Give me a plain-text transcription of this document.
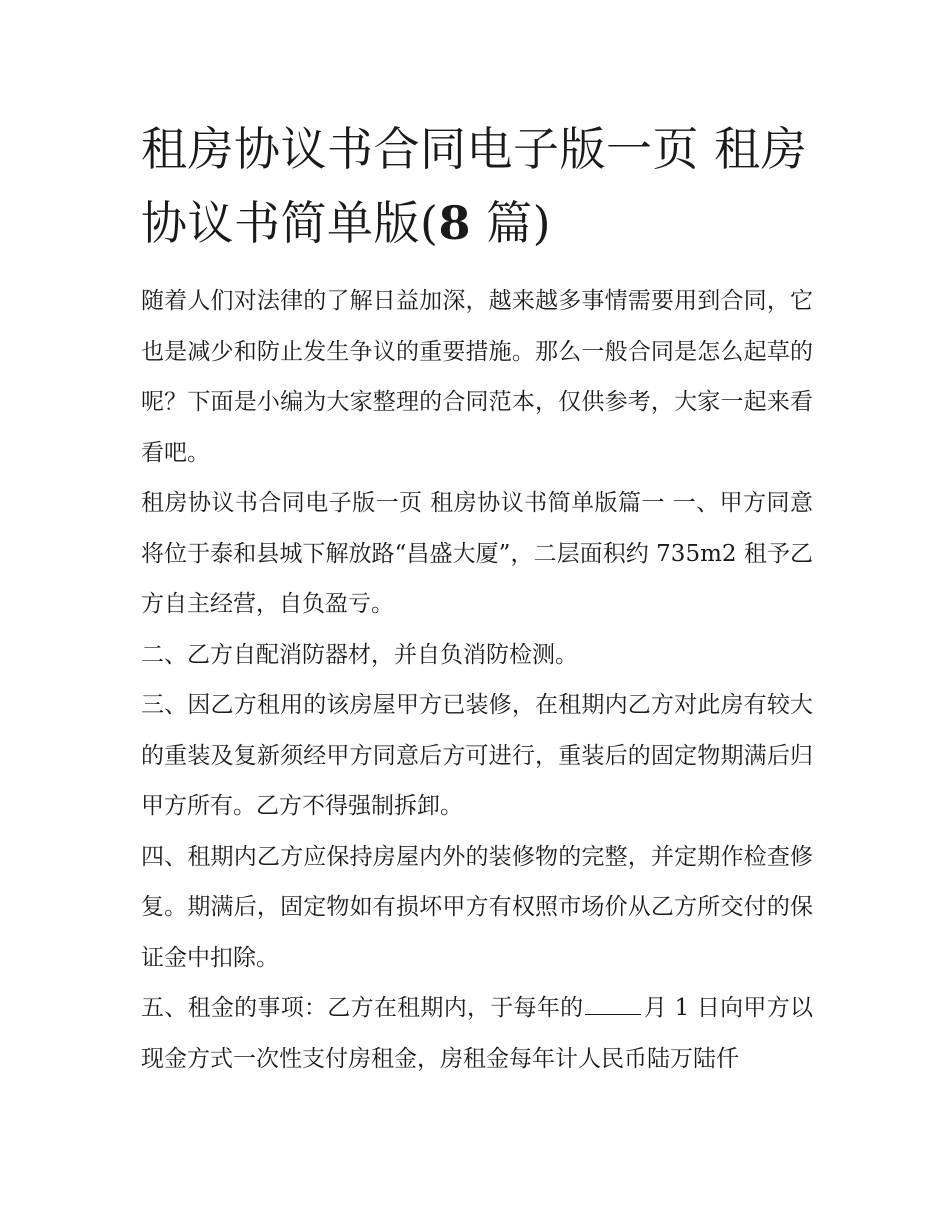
租房协议书合同电子版一页 租房协议书简单版(8 篇)

随着人们对法律的了解日益加深，越来越多事情需要用到合同，它也是减少和防止发生争议的重要措施。那么一般合同是怎么起草的呢？下面是小编为大家整理的合同范本，仅供参考，大家一起来看看吧。

租房协议书合同电子版一页 租房协议书简单版篇一 一、甲方同意将位于泰和县城下解放路“昌盛大厦”，二层面积约 735m2 租予乙方自主经营，自负盈亏。

二、乙方自配消防器材，并自负消防检测。

三、因乙方租用的该房屋甲方已装修，在租期内乙方对此房有较大的重装及复新须经甲方同意后方可进行，重装后的固定物期满后归甲方所有。乙方不得强制拆卸。

四、租期内乙方应保持房屋内外的装修物的完整，并定期作检查修复。期满后，固定物如有损坏甲方有权照市场价从乙方所交付的保证金中扣除。

五、租金的事项：乙方在租期内，于每年的	月 1 日向甲方以现金方式一次性支付房租金，房租金每年计人民币陆万陆仟
